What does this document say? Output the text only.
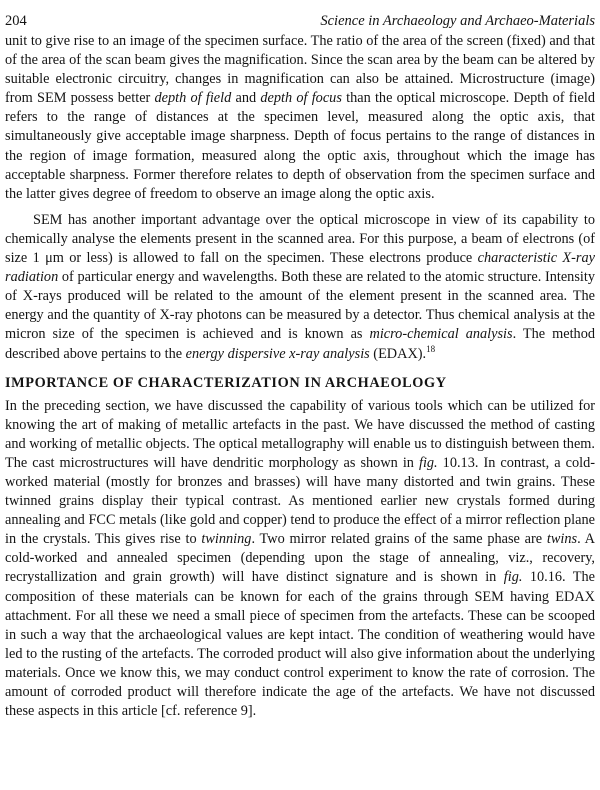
204	Science in Archaeology and Archaeo-Materials

unit to give rise to an image of the specimen surface. The ratio of the area of the screen (fixed) and that of the area of the scan beam gives the magnification. Since the scan area by the beam can be altered by suitable electronic circuitry, changes in magnification can also be attained. Microstructure (image) from SEM possess better depth of field and depth of focus than the optical microscope. Depth of field refers to the range of distances at the specimen level, measured along the optic axis, that simultaneously give acceptable image sharpness. Depth of focus pertains to the range of distances in the region of image formation, measured along the optic axis, throughout which the image has acceptable sharpness. Former therefore relates to depth of observation from the specimen surface and the latter gives degree of freedom to observe an image along the optic axis.

SEM has another important advantage over the optical microscope in view of its capability to chemically analyse the elements present in the scanned area. For this purpose, a beam of electrons (of size 1 μm or less) is allowed to fall on the specimen. These electrons produce characteristic X-ray radiation of particular energy and wavelengths. Both these are related to the atomic structure. Intensity of X-rays produced will be related to the amount of the element present in the scanned area. The energy and the quantity of X-ray photons can be measured by a detector. Thus chemical analysis at the micron size of the specimen is achieved and is known as micro-chemical analysis. The method described above pertains to the energy dispersive x-ray analysis (EDAX).$^{18}$

IMPORTANCE OF CHARACTERIZATION IN ARCHAEOLOGY

In the preceding section, we have discussed the capability of various tools which can be utilized for knowing the art of making of metallic artefacts in the past. We have discussed the method of casting and working of metallic objects. The optical metallography will enable us to distinguish between them. The cast microstructures will have dendritic morphology as shown in fig. 10.13. In contrast, a cold-worked material (mostly for bronzes and brasses) will have many distorted and twin grains. These twinned grains display their typical contrast. As mentioned earlier new crystals formed during annealing and FCC metals (like gold and copper) tend to produce the effect of a mirror reflection plane in the crystals. This gives rise to twinning. Two mirror related grains of the same phase are twins. A cold-worked and annealed specimen (depending upon the stage of annealing, viz., recovery, recrystallization and grain growth) will have distinct signature and is shown in fig. 10.16. The composition of these materials can be known for each of the grains through SEM having EDAX attachment. For all these we need a small piece of specimen from the artefacts. These can be scooped in such a way that the archaeological values are kept intact. The condition of weathering would have led to the rusting of the artefacts. The corroded product will also give information about the underlying materials. Once we know this, we may conduct control experiment to know the rate of corrosion. The amount of corroded product will therefore indicate the age of the artefacts. We have not discussed these aspects in this article [cf. reference 9].
